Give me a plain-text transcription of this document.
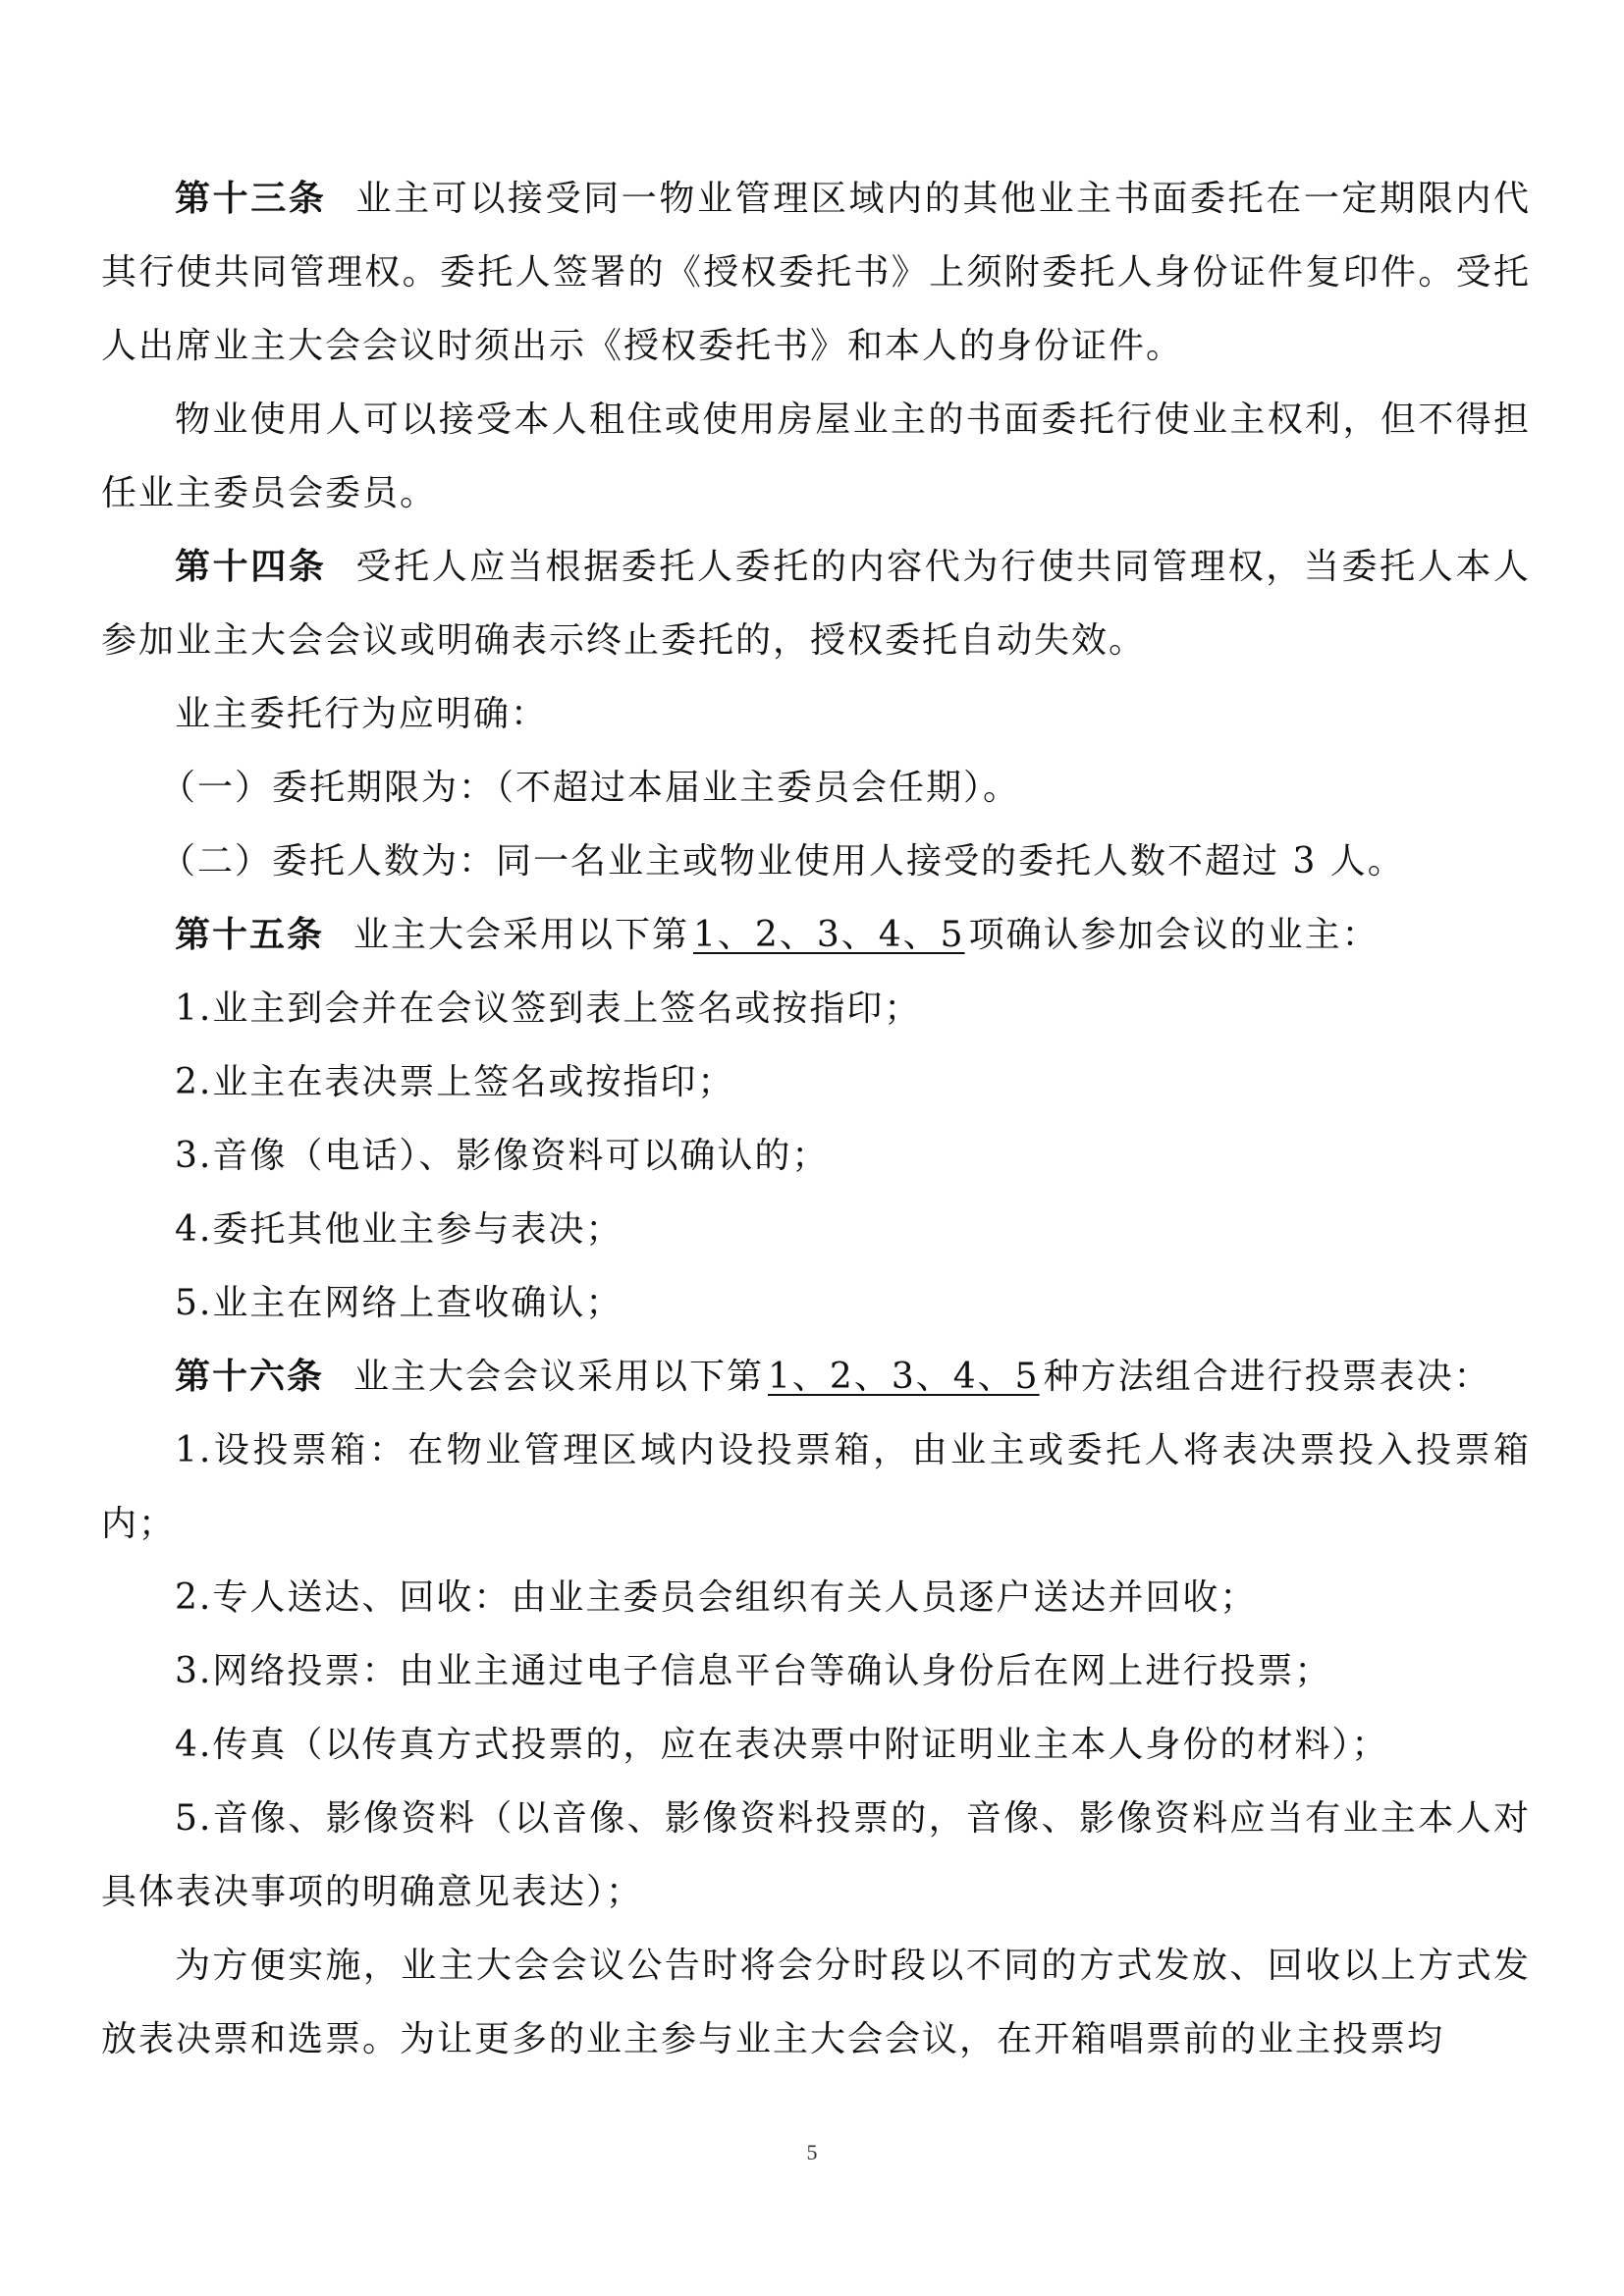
第十三条 业主可以接受同一物业管理区域内的其他业主书面委托在一定期限内代其行使共同管理权。委托人签署的《授权委托书》上须附委托人身份证件复印件。受托人出席业主大会会议时须出示《授权委托书》和本人的身份证件。

物业使用人可以接受本人租住或使用房屋业主的书面委托行使业主权利，但不得担任业主委员会委员。

第十四条 受托人应当根据委托人委托的内容代为行使共同管理权，当委托人本人参加业主大会会议或明确表示终止委托的，授权委托自动失效。

业主委托行为应明确：

（一）委托期限为：（不超过本届业主委员会任期）。

（二）委托人数为：同一名业主或物业使用人接受的委托人数不超过 3 人。

第十五条 业主大会采用以下第 1、2、3、4、5 项确认参加会议的业主：

1.业主到会并在会议签到表上签名或按指印；

2.业主在表决票上签名或按指印；

3.音像（电话）、影像资料可以确认的；

4.委托其他业主参与表决；

5.业主在网络上查收确认；

第十六条 业主大会会议采用以下第 1、2、3、4、5 种方法组合进行投票表决：

1.设投票箱：在物业管理区域内设投票箱，由业主或委托人将表决票投入投票箱内；

2.专人送达、回收：由业主委员会组织有关人员逐户送达并回收；

3.网络投票：由业主通过电子信息平台等确认身份后在网上进行投票；

4.传真（以传真方式投票的，应在表决票中附证明业主本人身份的材料）；

5.音像、影像资料（以音像、影像资料投票的，音像、影像资料应当有业主本人对具体表决事项的明确意见表达）；

为方便实施，业主大会会议公告时将会分时段以不同的方式发放、回收以上方式发放表决票和选票。为让更多的业主参与业主大会会议，在开箱唱票前的业主投票均

5
